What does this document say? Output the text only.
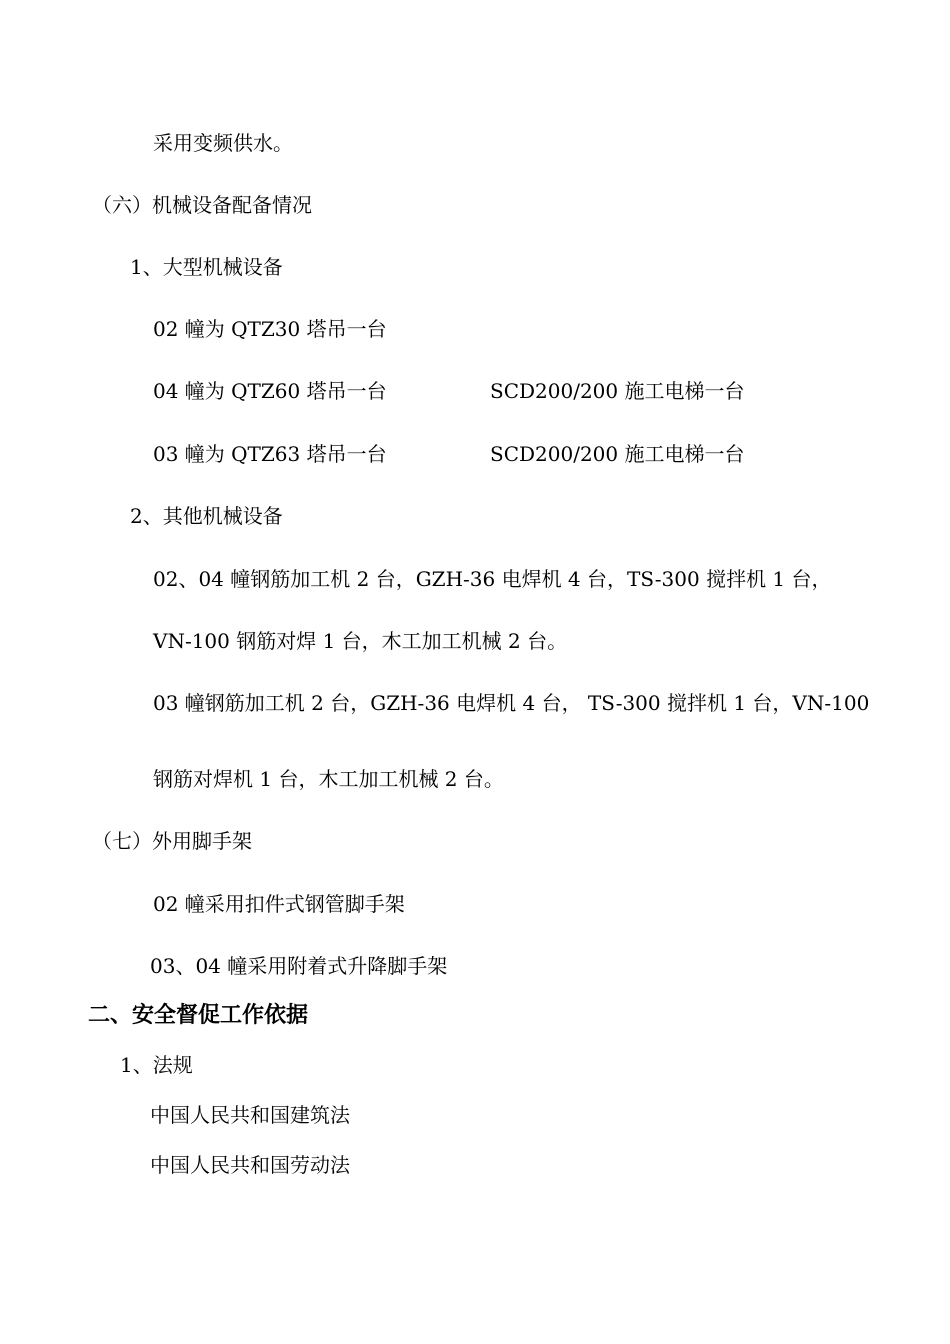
采用变频供水。
（六）机械设备配备情况
1、大型机械设备
02 幢为 QTZ30 塔吊一台
04 幢为 QTZ60 塔吊一台	SCD200/200 施工电梯一台
03 幢为 QTZ63 塔吊一台	SCD200/200 施工电梯一台
2、其他机械设备
02、04 幢钢筋加工机 2 台，GZH-36 电焊机 4 台，TS-300 搅拌机 1 台，
VN-100 钢筋对焊 1 台，木工加工机械 2 台。
03 幢钢筋加工机 2 台，GZH-36 电焊机 4 台， TS-300 搅拌机 1 台，VN-100
钢筋对焊机 1 台，木工加工机械 2 台。
（七）外用脚手架
02 幢采用扣件式钢管脚手架
03、04 幢采用附着式升降脚手架
二、安全督促工作依据
1、法规
中国人民共和国建筑法
中国人民共和国劳动法
